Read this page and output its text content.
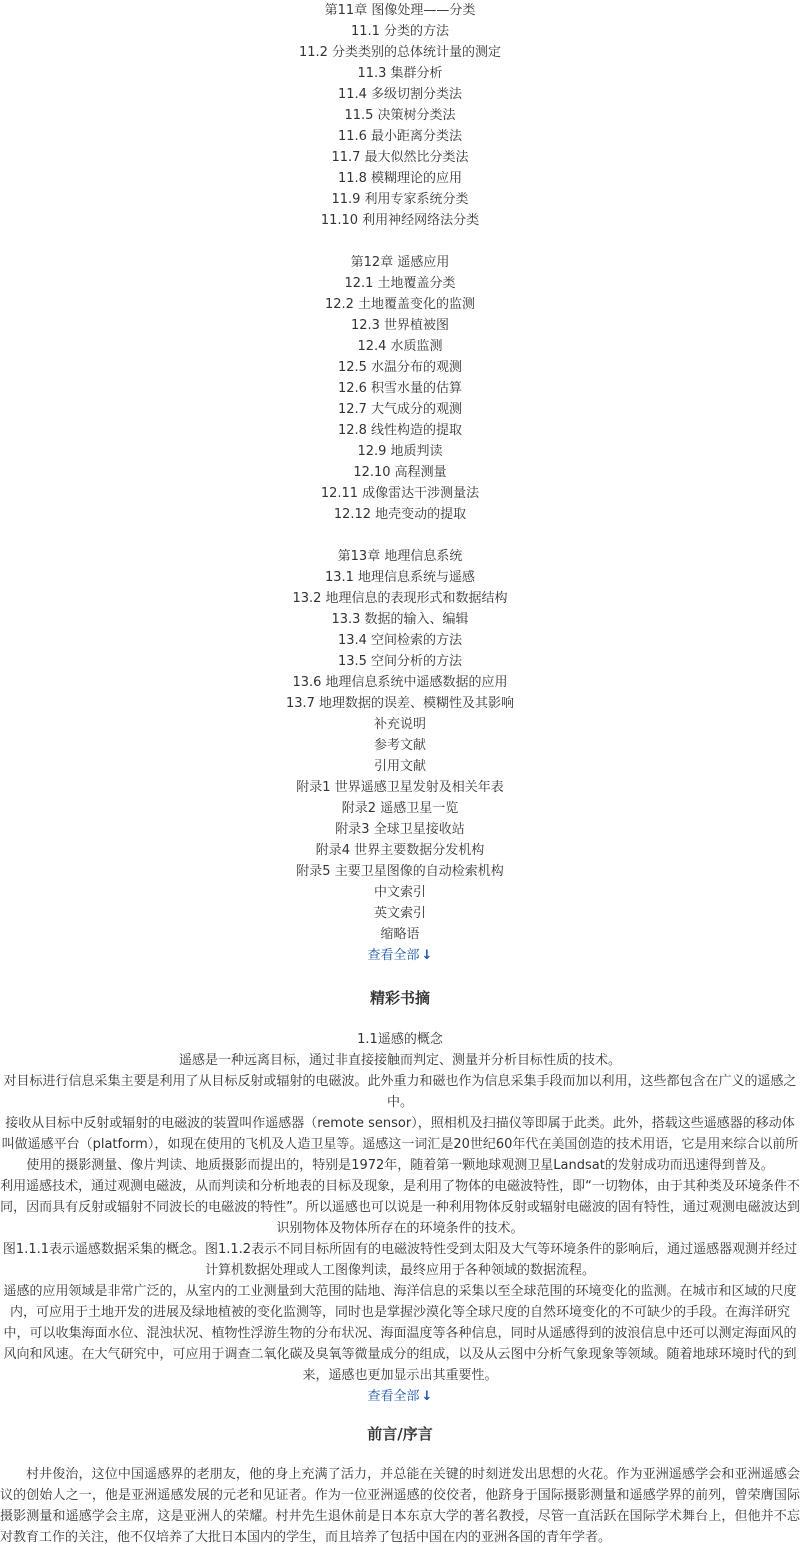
第11章 图像处理——分类
11.1 分类的方法
11.2 分类类别的总体统计量的测定
11.3 集群分析
11.4 多级切割分类法
11.5 决策树分类法
11.6 最小距离分类法
11.7 最大似然比分类法
11.8 模糊理论的应用
11.9 利用专家系统分类
11.10 利用神经网络法分类
第12章 遥感应用
12.1 土地覆盖分类
12.2 土地覆盖变化的监测
12.3 世界植被图
12.4 水质监测
12.5 水温分布的观测
12.6 积雪水量的估算
12.7 大气成分的观测
12.8 线性构造的提取
12.9 地质判读
12.10 高程测量
12.11 成像雷达干涉测量法
12.12 地壳变动的提取
第13章 地理信息系统
13.1 地理信息系统与遥感
13.2 地理信息的表现形式和数据结构
13.3 数据的输入、编辑
13.4 空间检索的方法
13.5 空间分析的方法
13.6 地理信息系统中遥感数据的应用
13.7 地理数据的误差、模糊性及其影响
补充说明
参考文献
引用文献
附录1 世界遥感卫星发射及相关年表
附录2 遥感卫星一览
附录3 全球卫星接收站
附录4 世界主要数据分发机构
附录5 主要卫星图像的自动检索机构
中文索引
英文索引
缩略语
查看全部 ↓
精彩书摘

1.1遥感的概念

遥感是一种远离目标，通过非直接接触而判定、测量并分析目标性质的技术。

对目标进行信息采集主要是利用了从目标反射或辐射的电磁波。此外重力和磁也作为信息采集手段而加以利用，这些都包含在广义的遥感之中。

接收从目标中反射或辐射的电磁波的装置叫作遥感器（remote sensor），照相机及扫描仪等即属于此类。此外，搭载这些遥感器的移动体叫做遥感平台（platform），如现在使用的飞机及人造卫星等。遥感这一词汇是20世纪60年代在美国创造的技术用语，它是用来综合以前所使用的摄影测量、像片判读、地质摄影而提出的，特别是1972年，随着第一颗地球观测卫星Landsat的发射成功而迅速得到普及。

利用遥感技术，通过观测电磁波，从而判读和分析地表的目标及现象，是利用了物体的电磁波特性，即“一切物体，由于其种类及环境条件不同，因而具有反射或辐射不同波长的电磁波的特性”。所以遥感也可以说是一种利用物体反射或辐射电磁波的固有特性，通过观测电磁波达到识别物体及物体所存在的环境条件的技术。

图1.1.1表示遥感数据采集的概念。图1.1.2表示不同目标所固有的电磁波特性受到太阳及大气等环境条件的影响后，通过遥感器观测并经过计算机数据处理或人工图像判读，最终应用于各种领域的数据流程。

遥感的应用领域是非常广泛的，从室内的工业测量到大范围的陆地、海洋信息的采集以至全球范围的环境变化的监测。在城市和区域的尺度内，可应用于土地开发的进展及绿地植被的变化监测等，同时也是掌握沙漠化等全球尺度的自然环境变化的不可缺少的手段。在海洋研究中，可以收集海面水位、混浊状况、植物性浮游生物的分布状况、海面温度等各种信息，同时从遥感得到的波浪信息中还可以测定海面风的风向和风速。在大气研究中，可应用于调查二氧化碳及臭氧等微量成分的组成，以及从云图中分析气象现象等领域。随着地球环境时代的到来，遥感也更加显示出其重要性。

查看全部 ↓
前言/序言

村井俊治，这位中国遥感界的老朋友，他的身上充满了活力，并总能在关键的时刻迸发出思想的火花。作为亚洲遥感学会和亚洲遥感会议的创始人之一，他是亚洲遥感发展的元老和见证者。作为一位亚洲遥感的佼佼者，他跻身于国际摄影测量和遥感学界的前列，曾荣膺国际摄影测量和遥感学会主席，这是亚洲人的荣耀。村井先生退休前是日本东京大学的著名教授，尽管一直活跃在国际学术舞台上，但他并不忘对教育工作的关注，他不仅培养了大批日本国内的学生，而且培养了包括中国在内的亚洲各国的青年学者。
